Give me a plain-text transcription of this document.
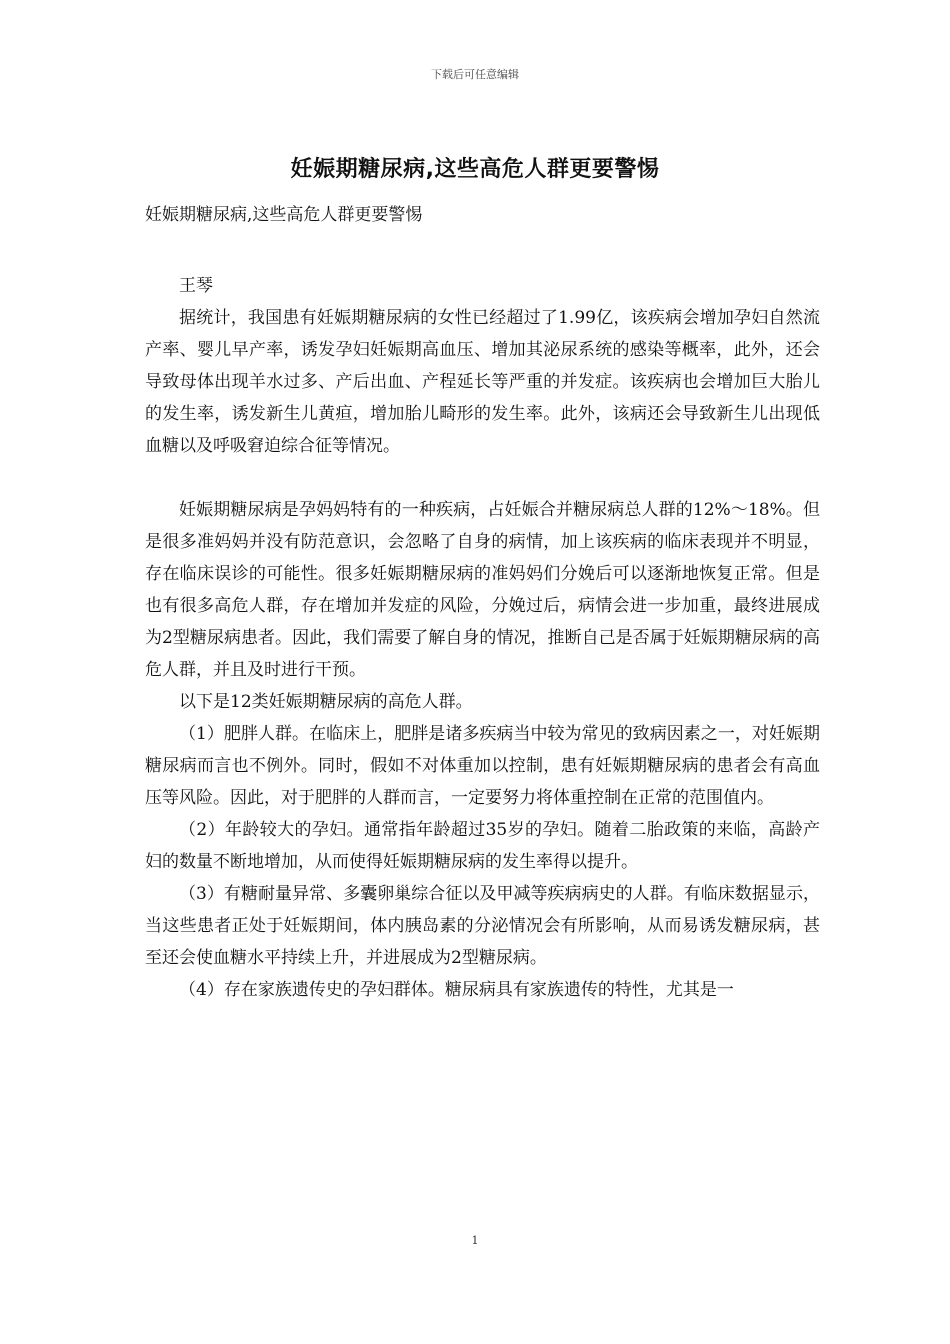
下载后可任意编辑
妊娠期糖尿病,这些高危人群更要警惕

妊娠期糖尿病,这些高危人群更要警惕

王琴

据统计，我国患有妊娠期糖尿病的女性已经超过了1.99亿，该疾病会增加孕妇自然流产率、婴儿早产率，诱发孕妇妊娠期高血压、增加其泌尿系统的感染等概率，此外，还会导致母体出现羊水过多、产后出血、产程延长等严重的并发症。该疾病也会增加巨大胎儿的发生率，诱发新生儿黄疸，增加胎儿畸形的发生率。此外，该病还会导致新生儿出现低血糖以及呼吸窘迫综合征等情况。

妊娠期糖尿病是孕妈妈特有的一种疾病，占妊娠合并糖尿病总人群的12%～18%。但是很多准妈妈并没有防范意识，会忽略了自身的病情，加上该疾病的临床表现并不明显，存在临床误诊的可能性。很多妊娠期糖尿病的准妈妈们分娩后可以逐渐地恢复正常。但是也有很多高危人群，存在增加并发症的风险，分娩过后，病情会进一步加重，最终进展成为2型糖尿病患者。因此，我们需要了解自身的情况，推断自己是否属于妊娠期糖尿病的高危人群，并且及时进行干预。

以下是12类妊娠期糖尿病的高危人群。

（1）肥胖人群。在临床上，肥胖是诸多疾病当中较为常见的致病因素之一，对妊娠期糖尿病而言也不例外。同时，假如不对体重加以控制，患有妊娠期糖尿病的患者会有高血压等风险。因此，对于肥胖的人群而言，一定要努力将体重控制在正常的范围值内。

（2）年龄较大的孕妇。通常指年龄超过35岁的孕妇。随着二胎政策的来临，高龄产妇的数量不断地增加，从而使得妊娠期糖尿病的发生率得以提升。

（3）有糖耐量异常、多囊卵巢综合征以及甲减等疾病病史的人群。有临床数据显示，当这些患者正处于妊娠期间，体内胰岛素的分泌情况会有所影响，从而易诱发糖尿病，甚至还会使血糖水平持续上升，并进展成为2型糖尿病。

（4）存在家族遗传史的孕妇群体。糖尿病具有家族遗传的特性，尤其是一

1
